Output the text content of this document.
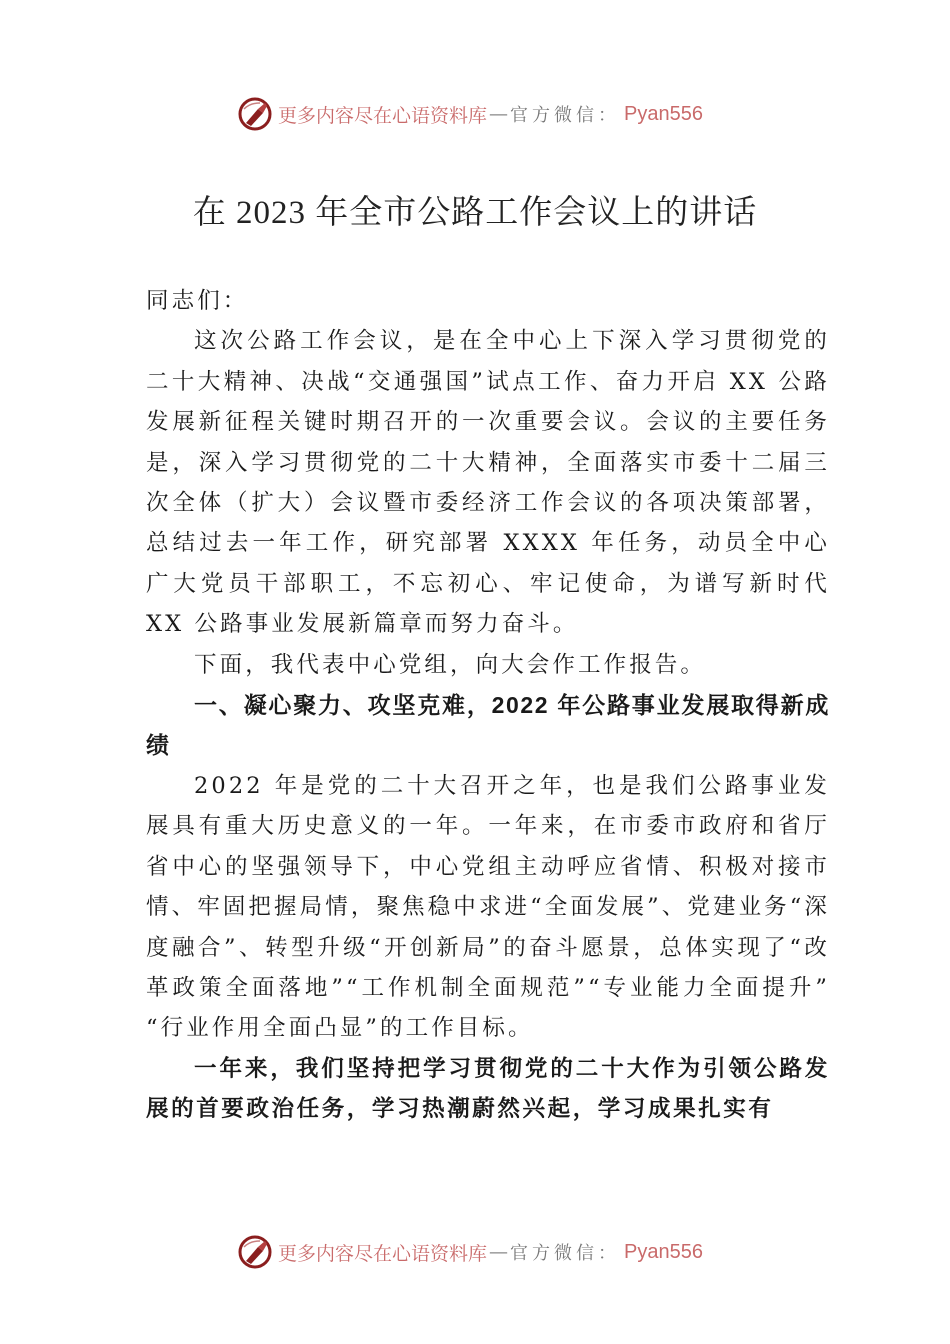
更多内容尽在心语资料库 — 官方微信： Pyan556
在 2023 年全市公路工作会议上的讲话

同志们：

这次公路工作会议，是在全中心上下深入学习贯彻党的二十大精神、决战“交通强国”试点工作、奋力开启 XX 公路发展新征程关键时期召开的一次重要会议。会议的主要任务是，深入学习贯彻党的二十大精神，全面落实市委十二届三次全体（扩大）会议暨市委经济工作会议的各项决策部署， 总结过去一年工作，研究部署 XXXX 年任务，动员全中心广大党员干部职工，不忘初心、牢记使命，为谱写新时代 XX 公路事业发展新篇章而努力奋斗。

下面，我代表中心党组，向大会作工作报告。

一、凝心聚力、攻坚克难，2022 年公路事业发展取得新成绩

2022 年是党的二十大召开之年，也是我们公路事业发展具有重大历史意义的一年。一年来，在市委市政府和省厅省中心的坚强领导下，中心党组主动呼应省情、积极对接市情、牢固把握局情，聚焦稳中求进“全面发展”、党建业务“深度融合”、转型升级“开创新局”的奋斗愿景，总体实现了“改革政策全面落地”“工作机制全面规范”“专业能力全面提升” “行业作用全面凸显”的工作目标。

一年来，我们坚持把学习贯彻党的二十大作为引领公路发展的首要政治任务，学习热潮蔚然兴起，学习成果扎实有

更多内容尽在心语资料库 — 官方微信： Pyan556
